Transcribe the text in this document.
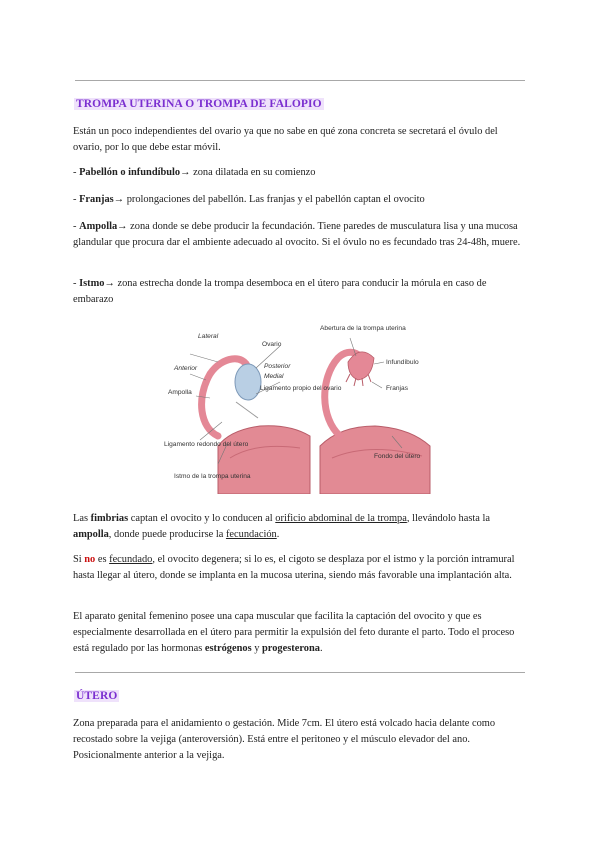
TROMPA UTERINA O TROMPA DE FALOPIO

Están un poco independientes del ovario ya que no sabe en qué zona concreta se secretará el óvulo del ovario, por lo que debe estar móvil.

- Pabellón o infundíbulo→ zona dilatada en su comienzo

- Franjas→ prolongaciones del pabellón. Las franjas y el pabellón captan el ovocito

- Ampolla→ zona donde se debe producir la fecundación. Tiene paredes de musculatura lisa y una mucosa glandular que procura dar el ambiente adecuado al ovocito. Si el óvulo no es fecundado tras 24-48h, muere.

- Istmo→ zona estrecha donde la trompa desemboca en el útero para conducir la mórula en caso de embarazo

Lateral
Anterior
Ampolla
Ligamento redondo del útero
Istmo de la trompa uterina
Ovario
Posterior
Medial
Ligamento propio del ovario
Abertura de la trompa uterina
Infundíbulo
Franjas
Fondo del útero

Las fimbrias captan el ovocito y lo conducen al orificio abdominal de la trompa, llevándolo hasta la ampolla, donde puede producirse la fecundación.

Si no es fecundado, el ovocito degenera; si lo es, el cigoto se desplaza por el istmo y la porción intramural hasta llegar al útero, donde se implanta en la mucosa uterina, siendo más favorable una implantación alta.

El aparato genital femenino posee una capa muscular que facilita la captación del ovocito y que es especialmente desarrollada en el útero para permitir la expulsión del feto durante el parto. Todo el proceso está regulado por las hormonas estrógenos y progesterona.

ÚTERO

Zona preparada para el anidamiento o gestación. Mide 7cm. El útero está volcado hacia delante como recostado sobre la vejiga (anteroversión). Está entre el peritoneo y el músculo elevador del ano. Posicionalmente anterior a la vejiga.
